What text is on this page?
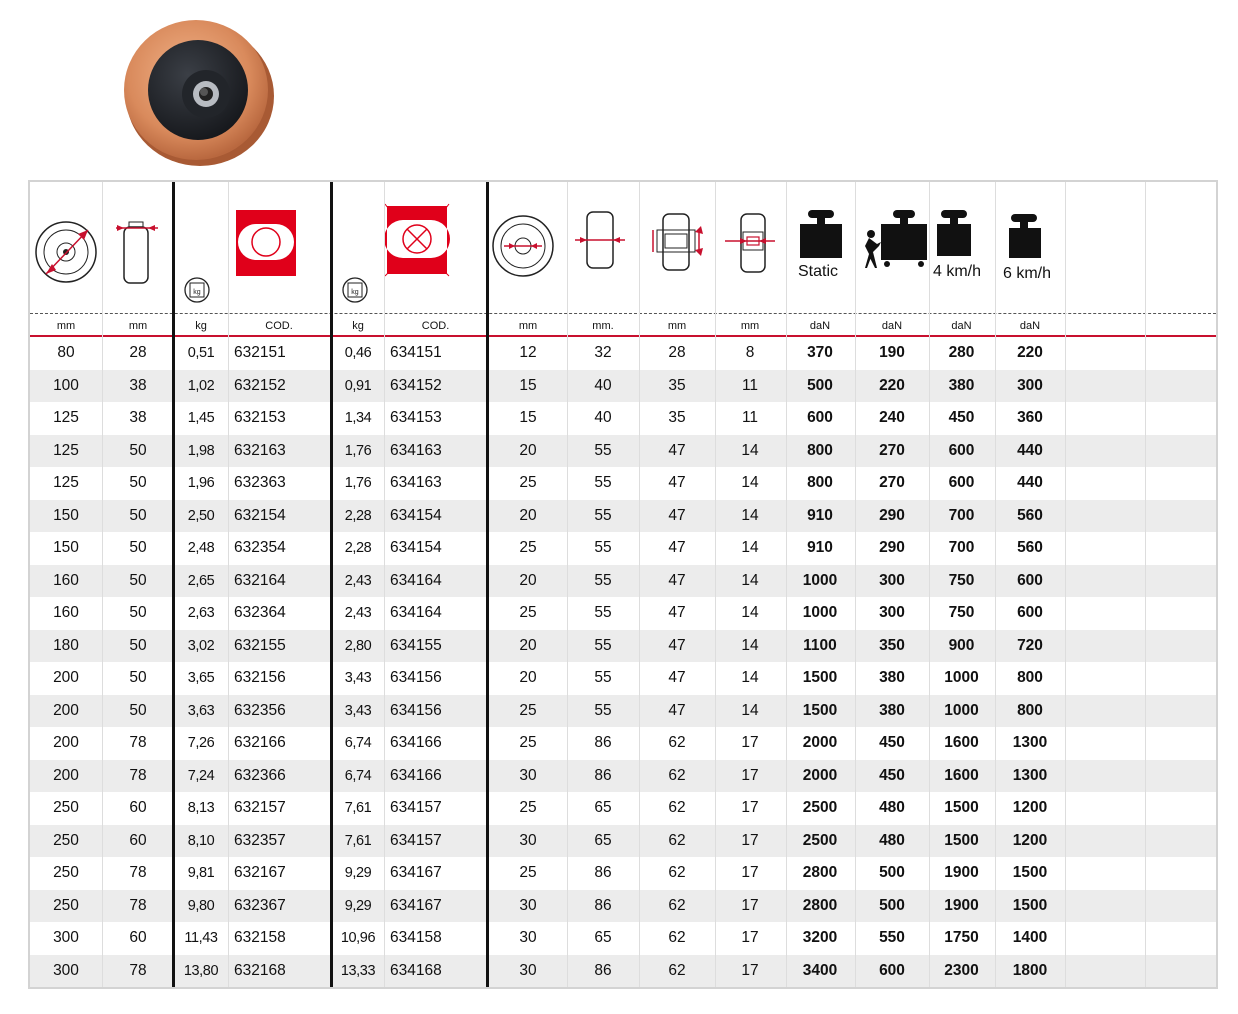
kg	kg
Static	4 km/h 6 km/h
mm	mm	kg	COD.	kg	COD.	mm	mm.	mm	mm	daN	daN	daN	daN
80	28	0,51	632151	0,46	634151	12	32	28	8	370	190	280	220
100	38	1,02	632152	0,91	634152	15	40	35	11	500	220	380	300
125	38	1,45	632153	1,34	634153	15	40	35	11	600	240	450	360
125	50	1,98	632163	1,76	634163	20	55	47	14	800	270	600	440
125	50	1,96	632363	1,76	634163	25	55	47	14	800	270	600	440
150	50	2,50	632154	2,28	634154	20	55	47	14	910	290	700	560
150	50	2,48	632354	2,28	634154	25	55	47	14	910	290	700	560
160	50	2,65	632164	2,43	634164	20	55	47	14	1000	300	750	600
160	50	2,63	632364	2,43	634164	25	55	47	14	1000	300	750	600
180	50	3,02	632155	2,80	634155	20	55	47	14	1100	350	900	720
200	50	3,65	632156	3,43	634156	20	55	47	14	1500	380	1000	800
200	50	3,63	632356	3,43	634156	25	55	47	14	1500	380	1000	800
200	78	7,26	632166	6,74	634166	25	86	62	17	2000	450	1600	1300
200	78	7,24	632366	6,74	634166	30	86	62	17	2000	450	1600	1300
250	60	8,13	632157	7,61	634157	25	65	62	17	2500	480	1500	1200
250	60	8,10	632357	7,61	634157	30	65	62	17	2500	480	1500	1200
250	78	9,81	632167	9,29	634167	25	86	62	17	2800	500	1900	1500
250	78	9,80	632367	9,29	634167	30	86	62	17	2800	500	1900	1500
300	60	11,43	632158	10,96 634158	30	65	62	17	3200	550	1750	1400
300	78	13,80	632168	13,33 634168	30	86	62	17	3400	600	2300	1800
